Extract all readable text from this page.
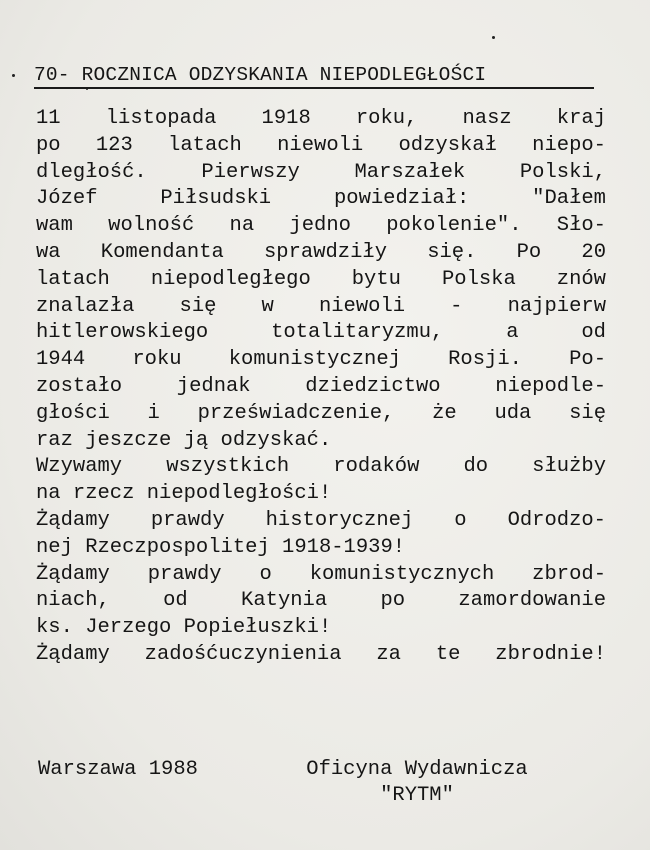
70- ROCZNICA ODZYSKANIA NIEPODLEGŁOŚCI
11 listopada 1918 roku, nasz kraj
po 123 latach niewoli odzyskał niepo-
dległość. Pierwszy Marszałek Polski,
Józef Piłsudski powiedział: "Dałem
wam wolność na jedno pokolenie". Sło-
wa Komendanta sprawdziły się. Po 20
latach niepodległego bytu Polska znów
znalazła się w niewoli - najpierw
hitlerowskiego totalitaryzmu, a od
1944 roku komunistycznej Rosji. Po-
zostało jednak dziedzictwo niepodle-
głości i przeświadczenie, że uda się
raz jeszcze ją odzyskać.
Wzywamy wszystkich rodaków do służby
na rzecz niepodległości!
Żądamy prawdy historycznej o Odrodzo-
nej Rzeczpospolitej 1918-1939!
Żądamy prawdy o komunistycznych zbrod-
niach, od Katynia po zamordowanie
ks. Jerzego Popiełuszki!
Żądamy zadośćuczynienia za te zbrodnie!
Warszawa 1988	Oficyna Wydawnicza
"RYTM"
